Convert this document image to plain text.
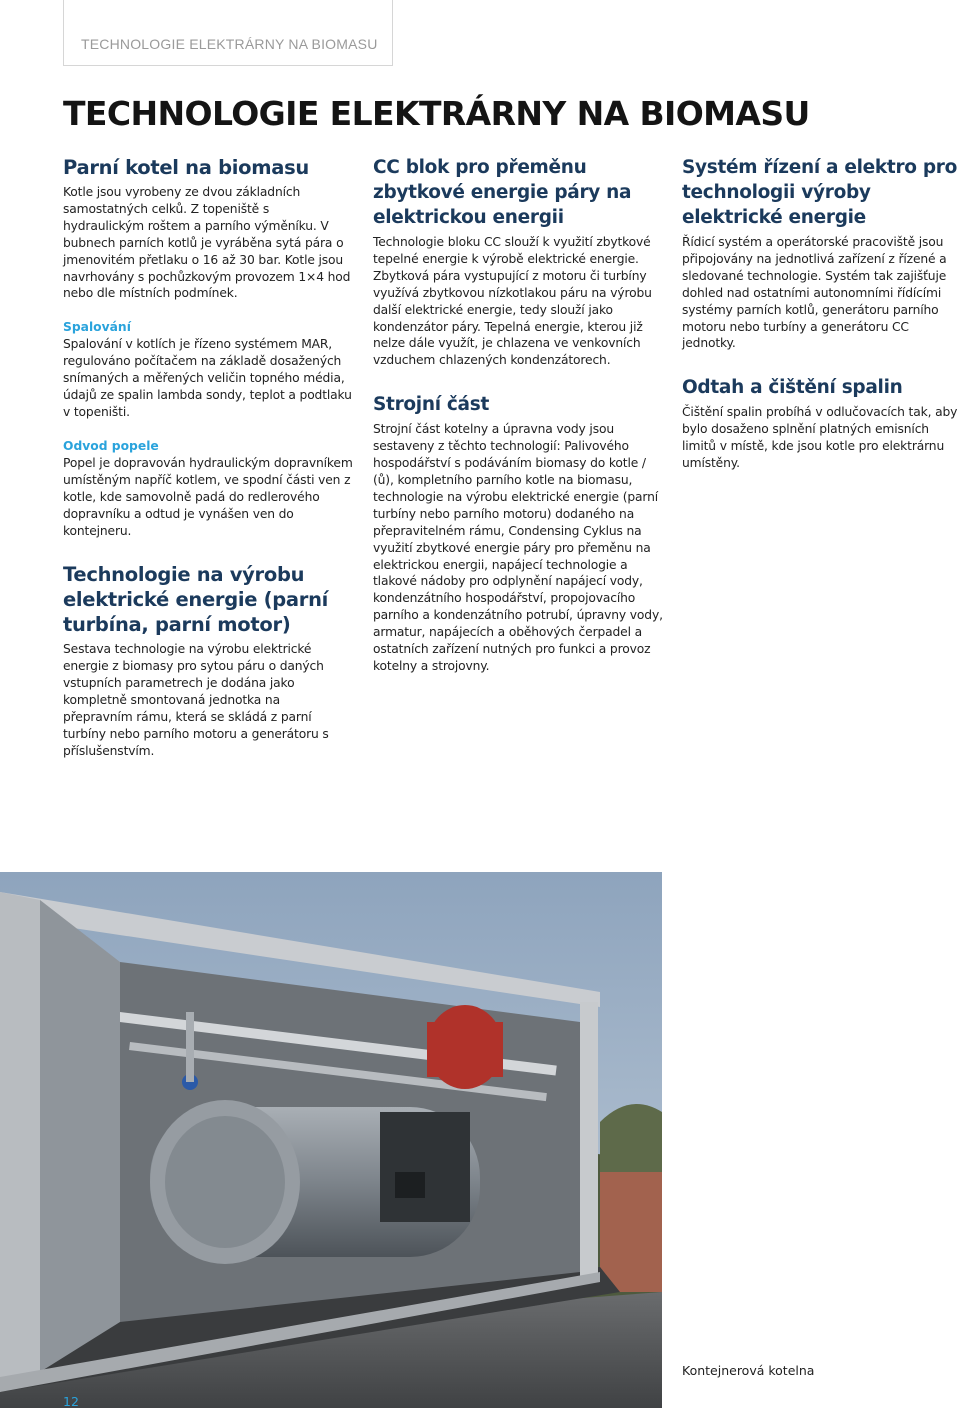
TECHNOLOGIE ELEKTRÁRNY NA BIOMASU
TECHNOLOGIE ELEKTRÁRNY NA BIOMASU
Parní kotel na biomasu

Kotle jsou vyrobeny ze dvou základních samostatných celků. Z topeniště s hydraulickým roštem a parního výměníku. V bubnech parních kotlů je vyráběna sytá pára o jmenovitém přetlaku o 16 až 30 bar. Kotle jsou navrhovány s pochůzkovým provozem 1×4 hod nebo dle místních podmínek.

Spalování

Spalování v kotlích je řízeno systémem MAR, regulováno počítačem na základě dosažených snímaných a měřených veličin topného média, údajů ze spalin lambda sondy, teplot a podtlaku v topeništi.

Odvod popele

Popel je dopravován hydraulickým dopravníkem umístěným napříč kotlem, ve spodní části ven z kotle, kde samovolně padá do redlerového dopravníku a odtud je vynášen ven do kontejneru.

Technologie na výrobu elektrické energie (parní turbína, parní motor)

Sestava technologie na výrobu elektrické energie z biomasy pro sytou páru o daných vstupních parametrech je dodána jako kompletně smontovaná jednotka na přepravním rámu, která se skládá z parní turbíny nebo parního motoru a generátoru s příslušenstvím.

CC blok pro přeměnu zbytkové energie páry na elektrickou energii

Technologie bloku CC slouží k využití zbytkové tepelné energie k výrobě elektrické energie. Zbytková pára vystupující z motoru či turbíny využívá zbytkovou nízkotlakou páru na výrobu další elektrické energie, tedy slouží jako kondenzátor páry. Tepelná energie, kterou již nelze dále využít, je chlazena ve venkovních vzduchem chlazených kondenzátorech.

Strojní část

Strojní část kotelny a úpravna vody jsou sestaveny z těchto technologií: Palivového hospodářství s podáváním biomasy do kotle / (ů), kompletního parního kotle na biomasu, technologie na výrobu elektrické energie (parní turbíny nebo parního motoru) dodaného na přepravitelném rámu, Condensing Cyklus na využití zbytkové energie páry pro přeměnu na elektrickou energii, napájecí technologie a tlakové nádoby pro odplynění napájecí vody, kondenzátního hospodářství, propojovacího parního a kondenzátního potrubí, úpravny vody, armatur, napájecích a oběhových čerpadel a ostatních zařízení nutných pro funkci a provoz kotelny a strojovny.

Systém řízení a elektro pro technologii výroby elektrické energie

Řídicí systém a operátorské pracoviště jsou připojovány na jednotlivá zařízení z řízené a sledované technologie. Systém tak zajišťuje dohled nad ostatními autonomními řídícími systémy parních kotlů, generátoru parního motoru nebo turbíny a generátoru CC jednotky.

Odtah a čištění spalin

Čištění spalin probíhá v odlučovacích tak, aby bylo dosaženo splnění platných emisních limitů v místě, kde jsou kotle pro elektrárnu umístěny.

Kontejnerová kotelna
12
